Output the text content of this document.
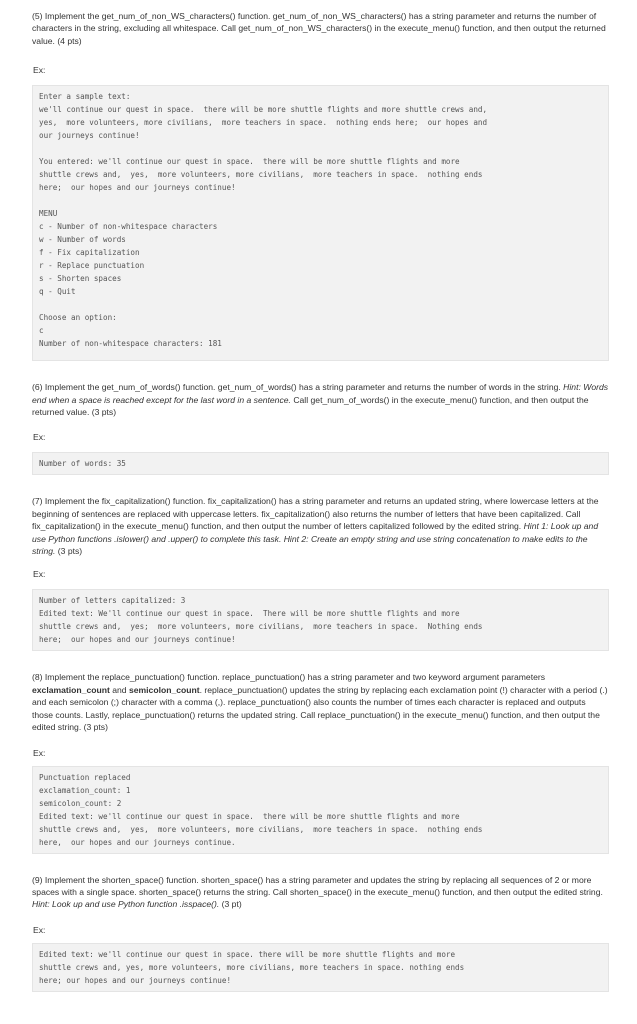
(5) Implement the get_num_of_non_WS_characters() function. get_num_of_non_WS_characters() has a string parameter and returns the number of characters in the string, excluding all whitespace. Call get_num_of_non_WS_characters() in the execute_menu() function, and then output the returned value. (4 pts)

Ex:

Enter a sample text:
we'll continue our quest in space.  there will be more shuttle flights and more shuttle crews and,
yes,  more volunteers, more civilians,  more teachers in space.  nothing ends here;  our hopes and
our journeys continue!
You entered: we'll continue our quest in space.  there will be more shuttle flights and more
shuttle crews and,  yes,  more volunteers, more civilians,  more teachers in space.  nothing ends
here;  our hopes and our journeys continue!
MENU
c - Number of non-whitespace characters
w - Number of words
f - Fix capitalization
r - Replace punctuation
s - Shorten spaces
q - Quit
Choose an option:
c
Number of non-whitespace characters: 181

(6) Implement the get_num_of_words() function. get_num_of_words() has a string parameter and returns the number of words in the string. Hint: Words end when a space is reached except for the last word in a sentence. Call get_num_of_words() in the execute_menu() function, and then output the returned value. (3 pts)

Ex:

Number of words: 35

(7) Implement the fix_capitalization() function. fix_capitalization() has a string parameter and returns an updated string, where lowercase letters at the beginning of sentences are replaced with uppercase letters. fix_capitalization() also returns the number of letters that have been capitalized. Call fix_capitalization() in the execute_menu() function, and then output the number of letters capitalized followed by the edited string. Hint 1: Look up and use Python functions .islower() and .upper() to complete this task. Hint 2: Create an empty string and use string concatenation to make edits to the string. (3 pts)

Ex:

Number of letters capitalized: 3
Edited text: We'll continue our quest in space.  There will be more shuttle flights and more
shuttle crews and,  yes;  more volunteers, more civilians,  more teachers in space.  Nothing ends
here;  our hopes and our journeys continue!

(8) Implement the replace_punctuation() function. replace_punctuation() has a string parameter and two keyword argument parameters exclamation_count and semicolon_count. replace_punctuation() updates the string by replacing each exclamation point (!) character with a period (.) and each semicolon (;) character with a comma (,). replace_punctuation() also counts the number of times each character is replaced and outputs those counts. Lastly, replace_punctuation() returns the updated string. Call replace_punctuation() in the execute_menu() function, and then output the edited string. (3 pts)

Ex:

Punctuation replaced
exclamation_count: 1
semicolon_count: 2
Edited text: we'll continue our quest in space.  there will be more shuttle flights and more
shuttle crews and,  yes,  more volunteers, more civilians,  more teachers in space.  nothing ends
here,  our hopes and our journeys continue.

(9) Implement the shorten_space() function. shorten_space() has a string parameter and updates the string by replacing all sequences of 2 or more spaces with a single space. shorten_space() returns the string. Call shorten_space() in the execute_menu() function, and then output the edited string. Hint: Look up and use Python function .isspace(). (3 pt)

Ex:

Edited text: we'll continue our quest in space. there will be more shuttle flights and more
shuttle crews and, yes, more volunteers, more civilians, more teachers in space. nothing ends
here; our hopes and our journeys continue!
